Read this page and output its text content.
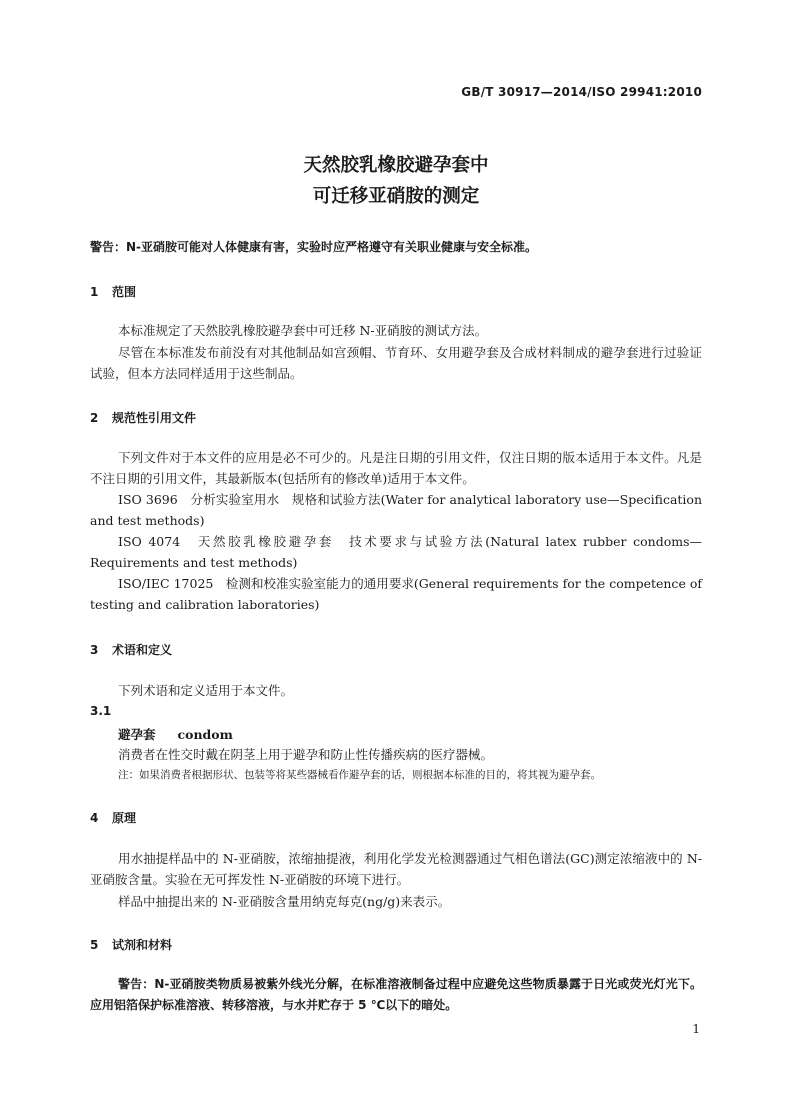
GB/T 30917—2014/ISO 29941:2010
天然胶乳橡胶避孕套中
可迁移亚硝胺的测定
警告：N-亚硝胺可能对人体健康有害，实验时应严格遵守有关职业健康与安全标准。
1 范围
本标准规定了天然胶乳橡胶避孕套中可迁移 N-亚硝胺的测试方法。
尽管在本标准发布前没有对其他制品如宫颈帽、节育环、女用避孕套及合成材料制成的避孕套进行过验证试验，但本方法同样适用于这些制品。
2 规范性引用文件
下列文件对于本文件的应用是必不可少的。凡是注日期的引用文件，仅注日期的版本适用于本文件。凡是不注日期的引用文件，其最新版本(包括所有的修改单)适用于本文件。
ISO 3696　分析实验室用水　规格和试验方法(Water for analytical laboratory use—Specification and test methods)
ISO 4074　天然胶乳橡胶避孕套　技术要求与试验方法(Natural latex rubber condoms—Requirements and test methods)
ISO/IEC 17025　检测和校准实验室能力的通用要求(General requirements for the competence of testing and calibration laboratories)
3 术语和定义
下列术语和定义适用于本文件。
3.1
避孕套 condom
消费者在性交时戴在阴茎上用于避孕和防止性传播疾病的医疗器械。
注：如果消费者根据形状、包装等将某些器械看作避孕套的话，则根据本标准的目的，将其视为避孕套。
4 原理
用水抽提样品中的 N-亚硝胺，浓缩抽提液，利用化学发光检测器通过气相色谱法(GC)测定浓缩液中的 N-亚硝胺含量。实验在无可挥发性 N-亚硝胺的环境下进行。
样品中抽提出来的 N-亚硝胺含量用纳克每克(ng/g)来表示。
5 试剂和材料
警告：N-亚硝胺类物质易被紫外线光分解，在标准溶液制备过程中应避免这些物质暴露于日光或荧光灯光下。应用铝箔保护标准溶液、转移溶液，与水并贮存于 5 ℃以下的暗处。
1
